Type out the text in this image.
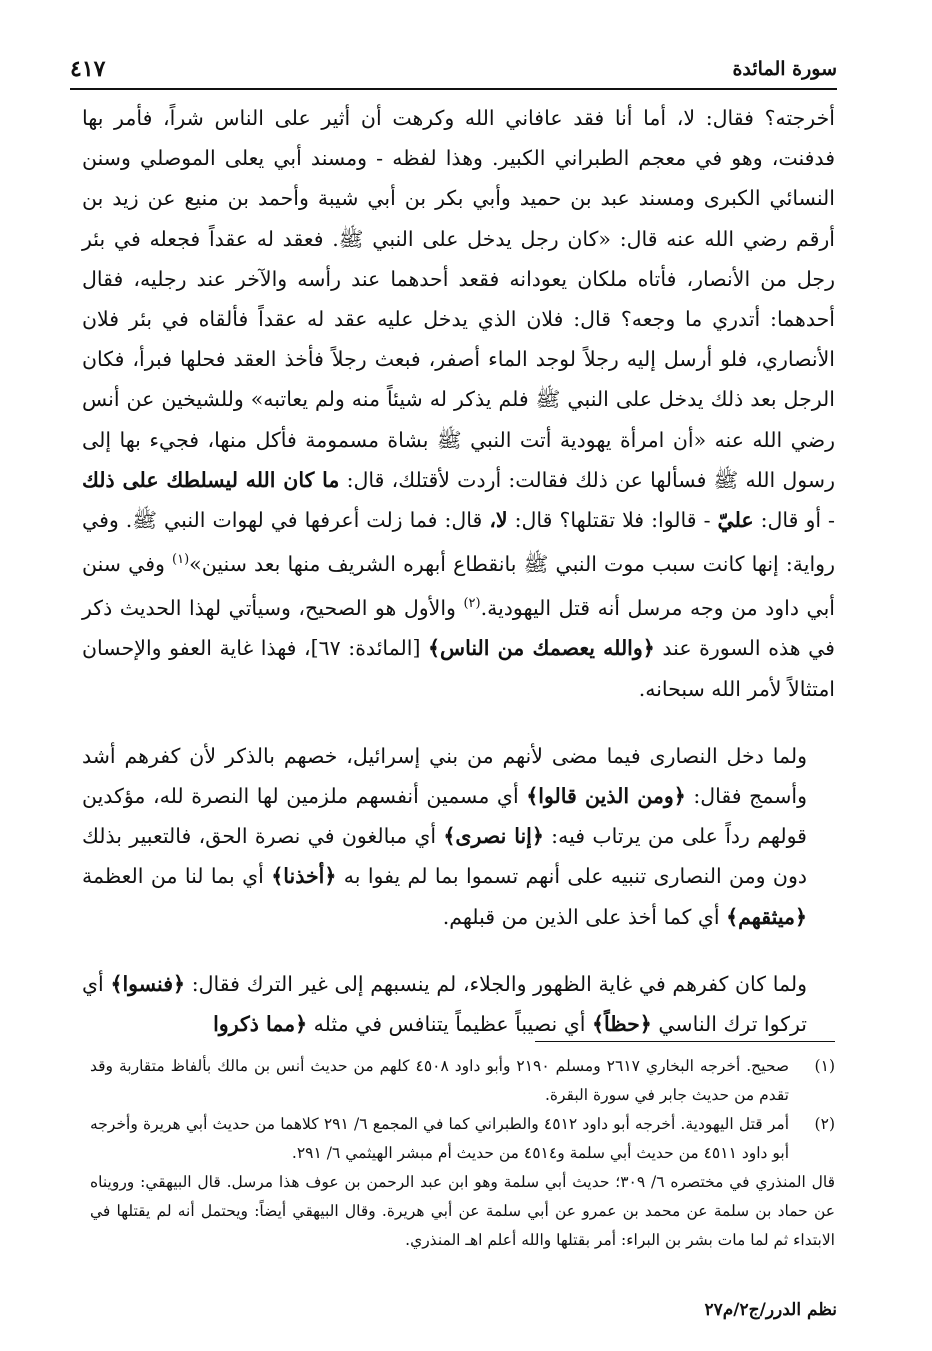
سورة المائدة
٤١٧

أخرجته؟ فقال: لا، أما أنا فقد عافاني الله وكرهت أن أثير على الناس شراً، فأمر بها فدفنت، وهو في معجم الطبراني الكبير. وهذا لفظه - ومسند أبي يعلى الموصلي وسنن النسائي الكبرى ومسند عبد بن حميد وأبي بكر بن أبي شيبة وأحمد بن منيع عن زيد بن أرقم رضي الله عنه قال: «كان رجل يدخل على النبي ﷺ. فعقد له عقداً فجعله في بئر رجل من الأنصار، فأتاه ملكان يعودانه فقعد أحدهما عند رأسه والآخر عند رجليه، فقال أحدهما: أتدري ما وجعه؟ قال: فلان الذي يدخل عليه عقد له عقداً فألقاه في بئر فلان الأنصاري، فلو أرسل إليه رجلاً لوجد الماء أصفر، فبعث رجلاً فأخذ العقد فحلها فبرأ، فكان الرجل بعد ذلك يدخل على النبي ﷺ فلم يذكر له شيئاً منه ولم يعاتبه» وللشيخين عن أنس رضي الله عنه «أن امرأة يهودية أتت النبي ﷺ بشاة مسمومة فأكل منها، فجيء بها إلى رسول الله ﷺ فسألها عن ذلك فقالت: أردت لأقتلك، قال: ما كان الله ليسلطك على ذلك - أو قال: عليّ - قالوا: فلا تقتلها؟ قال: لا، قال: فما زلت أعرفها في لهوات النبي ﷺ. وفي رواية: إنها كانت سبب موت النبي ﷺ بانقطاع أبهره الشريف منها بعد سنين»$^{(١)}$ وفي سنن أبي داود من وجه مرسل أنه قتل اليهودية.$^{(٢)}$ والأول هو الصحيح، وسيأتي لهذا الحديث ذكر في هذه السورة عند ﴿والله يعصمك من الناس﴾ [المائدة: ٦٧]، فهذا غاية العفو والإحسان امتثالاً لأمر الله سبحانه.

ولما دخل النصارى فيما مضى لأنهم من بني إسرائيل، خصهم بالذكر لأن كفرهم أشد وأسمج فقال: ﴿ومن الذين قالوا﴾ أي مسمين أنفسهم ملزمين لها النصرة لله، مؤكدين قولهم رداً على من يرتاب فيه: ﴿إنا نصرى﴾ أي مبالغون في نصرة الحق، فالتعبير بذلك دون ومن النصارى تنبيه على أنهم تسموا بما لم يفوا به ﴿أخذنا﴾ أي بما لنا من العظمة ﴿ميثقهم﴾ أي كما أخذ على الذين من قبلهم.

ولما كان كفرهم في غاية الظهور والجلاء، لم ينسبهم إلى غير الترك فقال: ﴿فنسوا﴾ أي تركوا ترك الناسي ﴿حظاً﴾ أي نصيباً عظيماً يتنافس في مثله ﴿مما ذكروا

(١)
صحيح. أخرجه البخاري ٢٦١٧ ومسلم ٢١٩٠ وأبو داود ٤٥٠٨ كلهم من حديث أنس بن مالك بألفاظ متقاربة وقد تقدم من حديث جابر في سورة البقرة.
(٢)
أمر قتل اليهودية. أخرجه أبو داود ٤٥١٢ والطبراني كما في المجمع ٦/ ٢٩١ كلاهما من حديث أبي هريرة وأخرجه أبو داود ٤٥١١ من حديث أبي سلمة و٤٥١٤ من حديث أم مبشر الهيثمي ٦/ ٢٩١.
قال المنذري في مختصره ٦/ ٣٠٩؛ حديث أبي سلمة وهو ابن عبد الرحمن بن عوف هذا مرسل. قال البيهقي: ورويناه عن حماد بن سلمة عن محمد بن عمرو عن أبي سلمة عن أبي هريرة. وقال البيهقي أيضاً: ويحتمل أنه لم يقتلها في الابتداء ثم لما مات بشر بن البراء: أمر بقتلها والله أعلم اهـ المنذري.
نظم الدرر/ج٢/م٢٧
